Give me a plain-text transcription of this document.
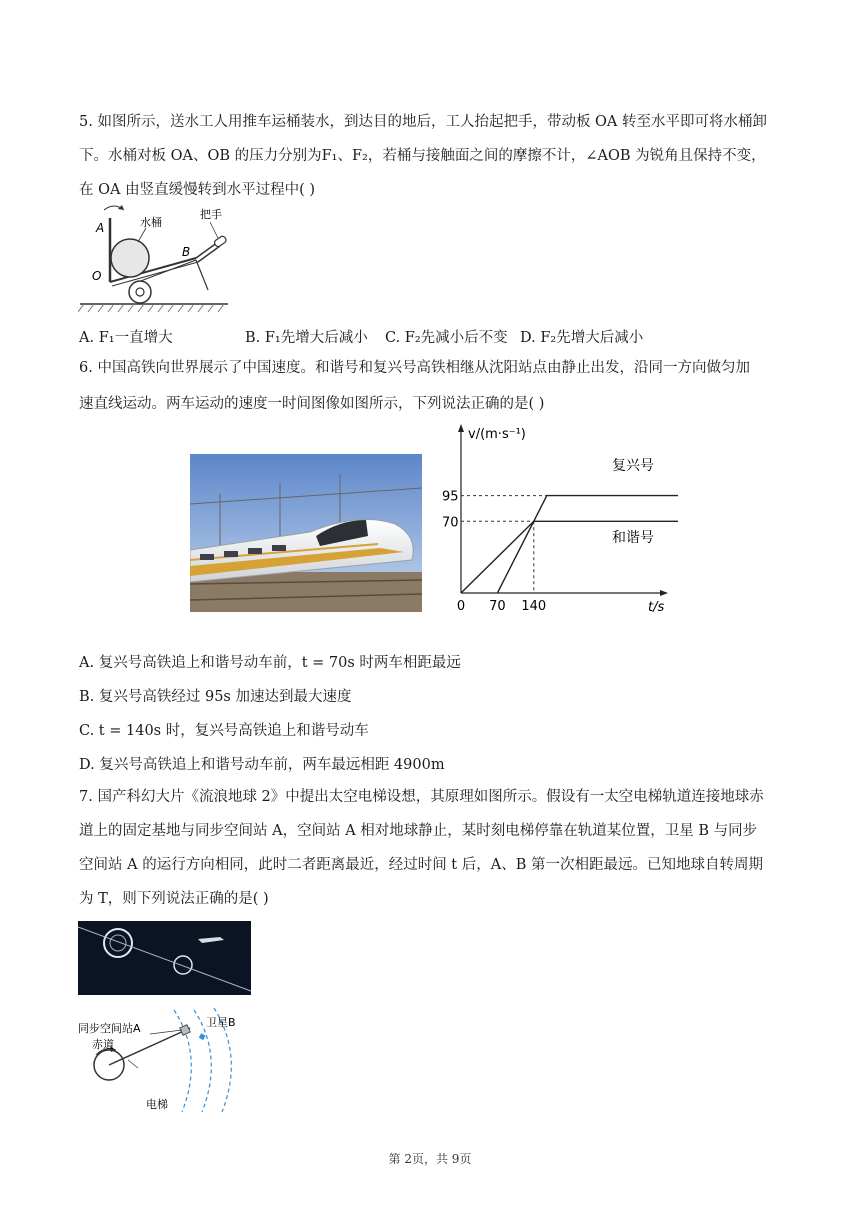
5. 如图所示，送水工人用推车运桶装水，到达目的地后，工人抬起把手，带动板 OA 转至水平即可将水桶卸
下。水桶对板 OA、OB 的压力分别为F₁、F₂，若桶与接触面之间的摩擦不计，∠AOB 为锐角且保持不变，
在 OA 由竖直缓慢转到水平过程中( )
A
O
B
水桶
把手
A. F₁一直增大	B. F₁先增大后减小 C. F₂先减小后不变 D. F₂先增大后减小
6. 中国高铁向世界展示了中国速度。和谐号和复兴号高铁相继从沈阳站点由静止出发，沿同一方向做匀加
速直线运动。两车运动的速度一时间图像如图所示，下列说法正确的是( )
v/(m·s⁻¹)
t/s
95
70
0 70 140
复兴号
和谐号
A. 复兴号高铁追上和谐号动车前，t = 70s 时两车相距最远
B. 复兴号高铁经过 95s 加速达到最大速度
C. t = 140s 时，复兴号高铁追上和谐号动车
D. 复兴号高铁追上和谐号动车前，两车最远相距 4900m
7. 国产科幻大片《流浪地球 2》中提出太空电梯设想，其原理如图所示。假设有一太空电梯轨道连接地球赤
道上的固定基地与同步空间站 A，空间站 A 相对地球静止，某时刻电梯停靠在轨道某位置，卫星 B 与同步
空间站 A 的运行方向相同，此时二者距离最近，经过时间 t 后，A、B 第一次相距最远。已知地球自转周期
为 T，则下列说法正确的是( )
同步空间站A	卫星B
赤道
电梯
第 2页，共 9页
